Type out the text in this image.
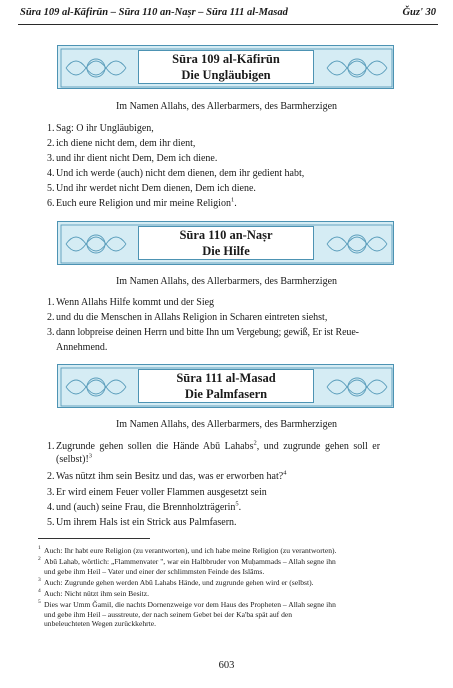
Sūra 109 al-Kāfirūn – Sūra 110 an-Naṣr – Sūra 111 al-Masad	Ǧuz' 30
Sūra 109 al-Kāfirūn
Die Ungläubigen
Im Namen Allahs, des Allerbarmers, des Barmherzigen
1. Sag: O ihr Ungläubigen,
2. ich diene nicht dem, dem ihr dient,
3. und ihr dient nicht Dem, Dem ich diene.
4. Und ich werde (auch) nicht dem dienen, dem ihr gedient habt,
5. Und ihr werdet nicht Dem dienen, Dem ich diene.
6. Euch eure Religion und mir meine Religion$^1$.
Sūra 110 an-Naṣr
Die Hilfe
Im Namen Allahs, des Allerbarmers, des Barmherzigen
1. Wenn Allahs Hilfe kommt und der Sieg
2. und du die Menschen in Allahs Religion in Scharen eintreten siehst,
3. dann lobpreise deinen Herrn und bitte Ihn um Vergebung; gewiß, Er ist Reue-
Annehmend.
Sūra 111 al-Masad
Die Palmfasern
Im Namen Allahs, des Allerbarmers, des Barmherzigen
1. Zugrunde gehen sollen die Hände Abū Lahabs$^2$, und zugrunde gehen soll er
(selbst)!$^3$
2. Was nützt ihm sein Besitz und das, was er erworben hat?$^4$
3. Er wird einem Feuer voller Flammen ausgesetzt sein
4. und (auch) seine Frau, die Brennholzträgerin$^5$.
5. Um ihrem Hals ist ein Strick aus Palmfasern.
1 Auch: Ihr habt eure Religion (zu verantworten), und ich habe meine Religion (zu verantworten).
2 Abū Lahab, wörtlich: „Flammenvater ", war ein Halbbruder von Muḥammads – Allah segne ihn
und gebe ihm Heil – Vater und einer der schlimmsten Feinde des Islāms.
3 Auch: Zugrunde gehen werden Abū Lahabs Hände, und zugrunde gehen wird er (selbst).
4 Auch: Nicht nützt ihm sein Besitz.
5 Dies war Umm Ǧamil, die nachts Dornenzweige vor dem Haus des Propheten – Allah segne ihn
und gebe ihm Heil – ausstreute, der nach seinem Gebet bei der Ka'ba spät auf den
unbeleuchteten Wegen zurückkehrte.
603
